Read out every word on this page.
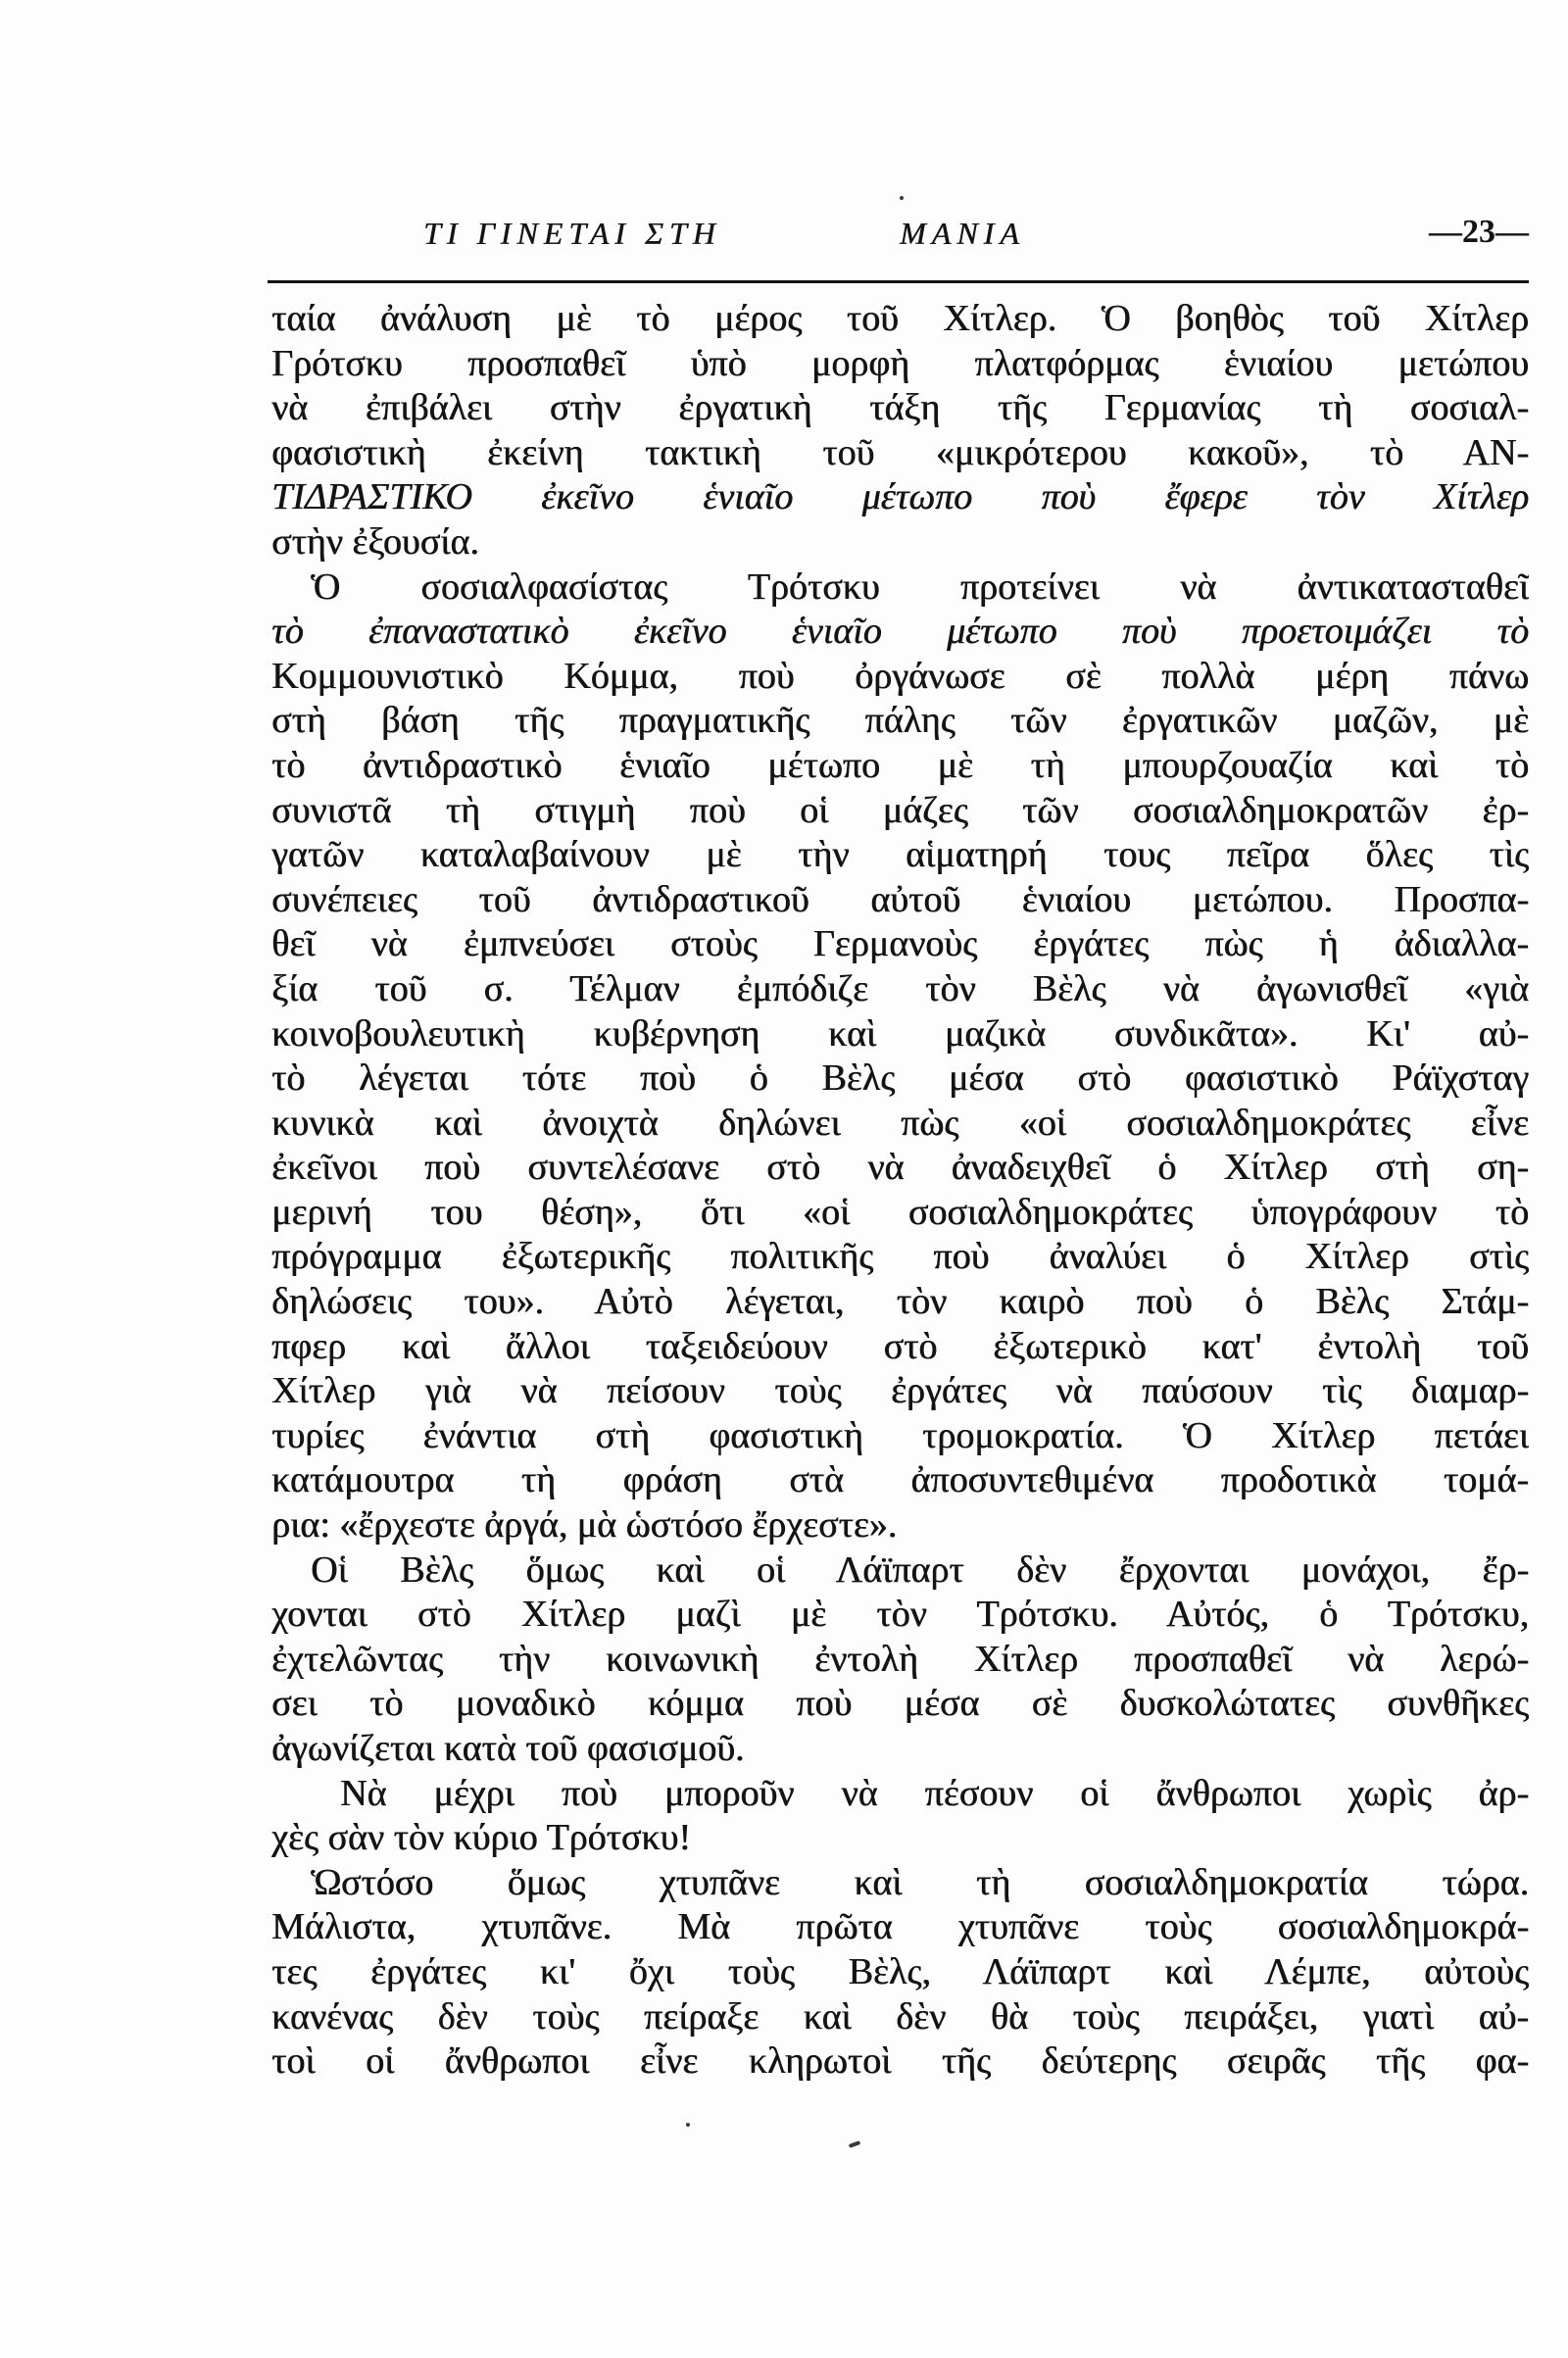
ΤΙ ΓΙΝΕΤΑΙ ΣΤΗ	ΜΑΝΙΑ	—23—
ταία ἀνάλυση μὲ τὸ μέρος τοῦ Χίτλερ. Ὁ βοηθὸς τοῦ Χίτλερ
Γρότσκυ προσπαθεῖ ὑπὸ μορφὴ πλατφόρμας ἑνιαίου μετώπου
νὰ ἐπιβάλει στὴν ἐργατικὴ τάξη τῆς Γερμανίας τὴ σοσιαλ-
φασιστικὴ ἐκείνη τακτικὴ τοῦ «μικρότερου κακοῦ», τὸ ΑΝ-
ΤΙΔΡΑΣΤΙΚΟ ἐκεῖνο ἑνιαῖο μέτωπο ποὺ ἔφερε τὸν Χίτλερ
στὴν ἐξουσία.
Ὁ σοσιαλφασίστας Τρότσκυ προτείνει νὰ ἀντικατασταθεῖ
τὸ ἐπαναστατικὸ ἐκεῖνο ἑνιαῖο μέτωπο ποὺ προετοιμάζει τὸ
Κομμουνιστικὸ Κόμμα, ποὺ ὀργάνωσε σὲ πολλὰ μέρη πάνω
στὴ βάση τῆς πραγματικῆς πάλης τῶν ἐργατικῶν μαζῶν, μὲ
τὸ ἀντιδραστικὸ ἑνιαῖο μέτωπο μὲ τὴ μπουρζουαζία καὶ τὸ
συνιστᾶ τὴ στιγμὴ ποὺ οἱ μάζες τῶν σοσιαλδημοκρατῶν ἐρ-
γατῶν καταλαβαίνουν μὲ τὴν αἱματηρή τους πεῖρα ὅλες τὶς
συνέπειες τοῦ ἀντιδραστικοῦ αὐτοῦ ἑνιαίου μετώπου. Προσπα-
θεῖ νὰ ἐμπνεύσει στοὺς Γερμανοὺς ἐργάτες πὼς ἡ ἀδιαλλα-
ξία τοῦ σ. Τέλμαν ἐμπόδιζε τὸν Βὲλς νὰ ἀγωνισθεῖ «γιὰ
κοινοβουλευτικὴ κυβέρνηση καὶ μαζικὰ συνδικᾶτα». Κι' αὐ-
τὸ λέγεται τότε ποὺ ὁ Βὲλς μέσα στὸ φασιστικὸ Ράϊχσταγ
κυνικὰ καὶ ἀνοιχτὰ δηλώνει πὼς «οἱ σοσιαλδημοκράτες εἶνε
ἐκεῖνοι ποὺ συντελέσανε στὸ νὰ ἀναδειχθεῖ ὁ Χίτλερ στὴ ση-
μερινή του θέση», ὅτι «οἱ σοσιαλδημοκράτες ὑπογράφουν τὸ
πρόγραμμα ἐξωτερικῆς πολιτικῆς ποὺ ἀναλύει ὁ Χίτλερ στὶς
δηλώσεις του». Αὐτὸ λέγεται, τὸν καιρὸ ποὺ ὁ Βὲλς Στάμ-
πφερ καὶ ἄλλοι ταξειδεύουν στὸ ἐξωτερικὸ κατ' ἐντολὴ τοῦ
Χίτλερ γιὰ νὰ πείσουν τοὺς ἐργάτες νὰ παύσουν τὶς διαμαρ-
τυρίες ἐνάντια στὴ φασιστικὴ τρομοκρατία. Ὁ Χίτλερ πετάει
κατάμουτρα τὴ φράση στὰ ἀποσυντεθιμένα προδοτικὰ τομά-
ρια: «ἔρχεστε ἀργά, μὰ ὡστόσο ἔρχεστε».
Οἱ Βὲλς ὅμως καὶ οἱ Λάϊπαρτ δὲν ἔρχονται μονάχοι, ἔρ-
χονται στὸ Χίτλερ μαζὶ μὲ τὸν Τρότσκυ. Αὐτός, ὁ Τρότσκυ,
ἐχτελῶντας τὴν κοινωνικὴ ἐντολὴ Χίτλερ προσπαθεῖ νὰ λερώ-
σει τὸ μοναδικὸ κόμμα ποὺ μέσα σὲ δυσκολώτατες συνθῆκες
ἀγωνίζεται κατὰ τοῦ φασισμοῦ.
Νὰ μέχρι ποὺ μποροῦν νὰ πέσουν οἱ ἄνθρωποι χωρὶς ἀρ-
χὲς σὰν τὸν κύριο Τρότσκυ!
Ὡστόσο ὅμως χτυπᾶνε καὶ τὴ σοσιαλδημοκρατία τώρα.
Μάλιστα, χτυπᾶνε. Μὰ πρῶτα χτυπᾶνε τοὺς σοσιαλδημοκρά-
τες ἐργάτες κι' ὄχι τοὺς Βὲλς, Λάϊπαρτ καὶ Λέμπε, αὐτοὺς
κανένας δὲν τοὺς πείραξε καὶ δὲν θὰ τοὺς πειράξει, γιατὶ αὐ-
τοὶ οἱ ἄνθρωποι εἶνε κληρωτοὶ τῆς δεύτερης σειρᾶς τῆς φα-
